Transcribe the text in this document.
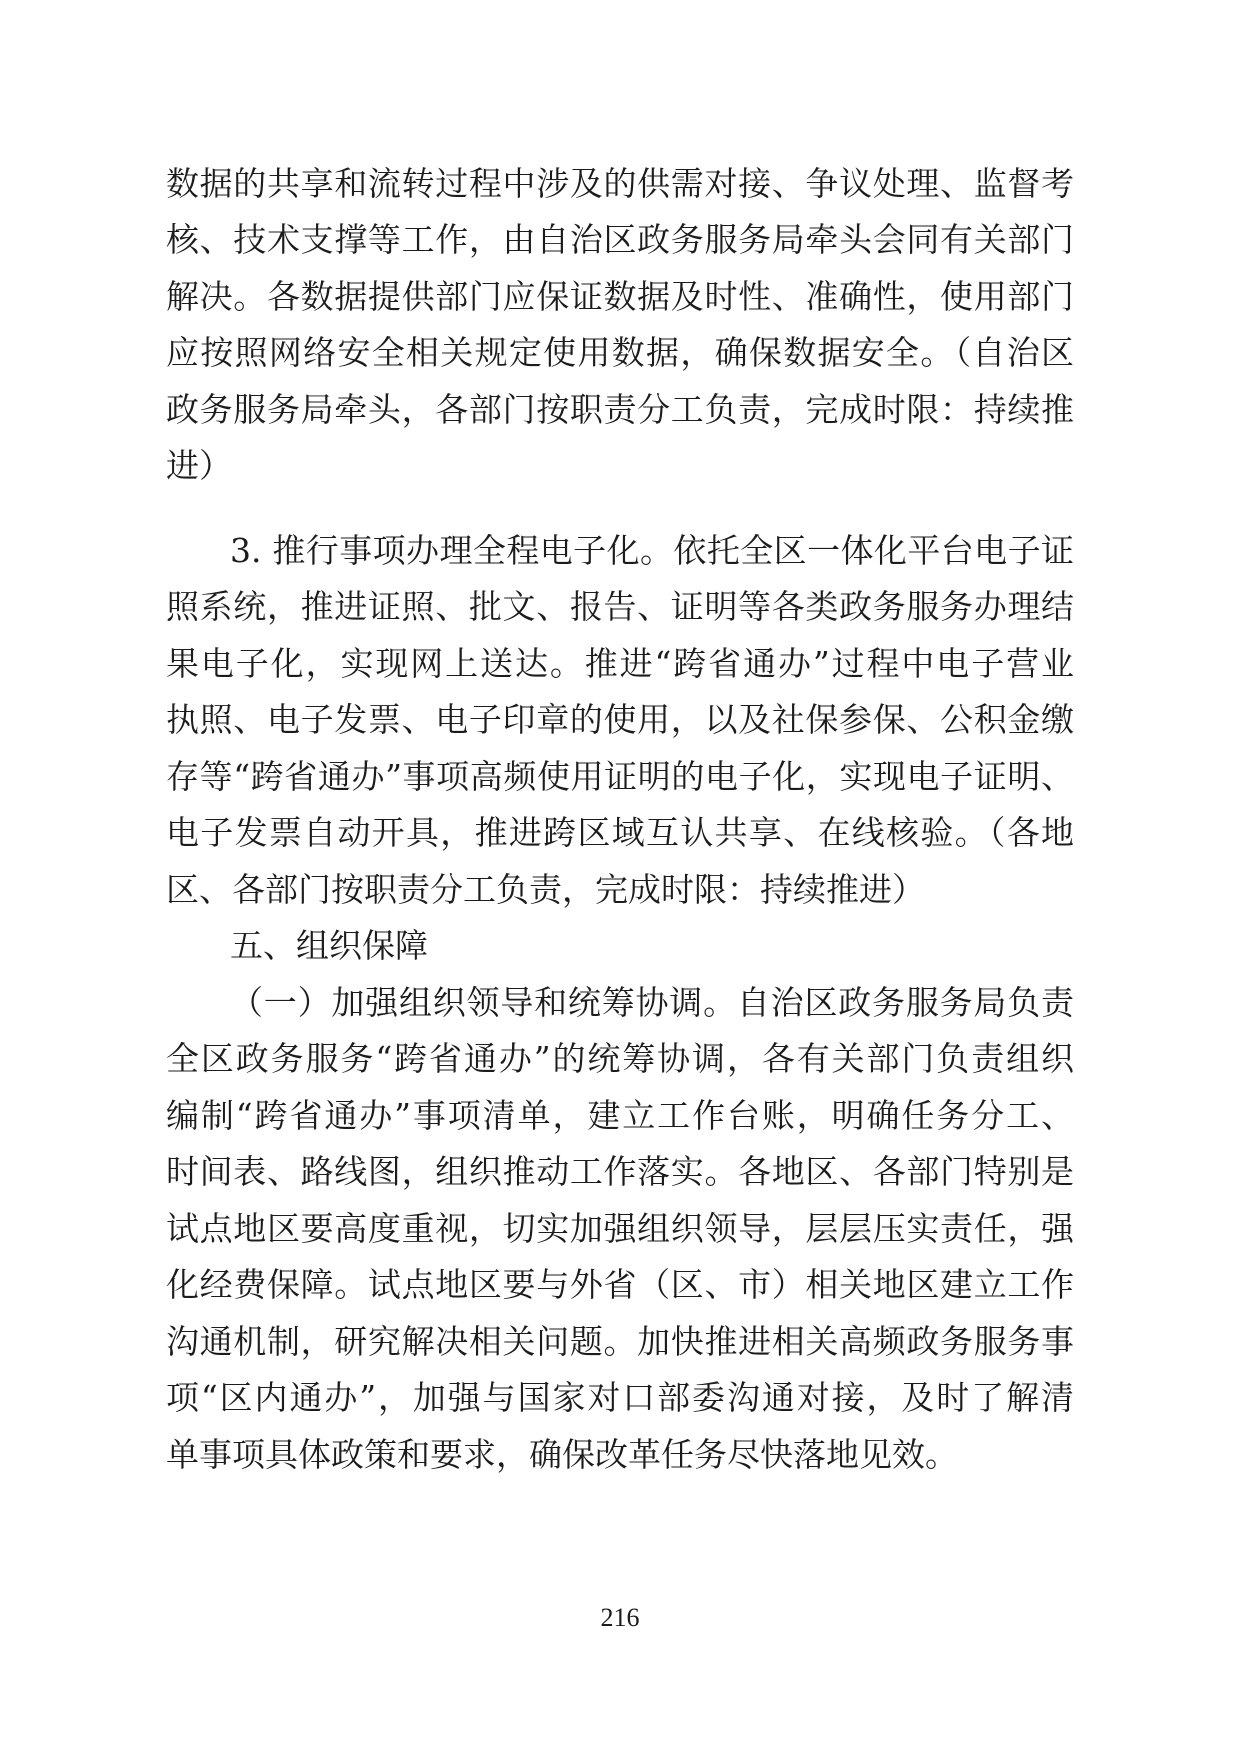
数据的共享和流转过程中涉及的供需对接、争议处理、监督考
核、技术支撑等工作，由自治区政务服务局牵头会同有关部门
解决。各数据提供部门应保证数据及时性、准确性，使用部门
应按照网络安全相关规定使用数据，确保数据安全。（自治区
政务服务局牵头，各部门按职责分工负责，完成时限：持续推
进）
3. 推行事项办理全程电子化。依托全区一体化平台电子证
照系统，推进证照、批文、报告、证明等各类政务服务办理结
果电子化，实现网上送达。推进“跨省通办”过程中电子营业
执照、电子发票、电子印章的使用，以及社保参保、公积金缴
存等“跨省通办”事项高频使用证明的电子化，实现电子证明、
电子发票自动开具，推进跨区域互认共享、在线核验。（各地
区、各部门按职责分工负责，完成时限：持续推进）
五、组织保障
（一）加强组织领导和统筹协调。自治区政务服务局负责
全区政务服务“跨省通办”的统筹协调，各有关部门负责组织
编制“跨省通办”事项清单，建立工作台账，明确任务分工、
时间表、路线图，组织推动工作落实。各地区、各部门特别是
试点地区要高度重视，切实加强组织领导，层层压实责任，强
化经费保障。试点地区要与外省（区、市）相关地区建立工作
沟通机制，研究解决相关问题。加快推进相关高频政务服务事
项“区内通办”，加强与国家对口部委沟通对接，及时了解清
单事项具体政策和要求，确保改革任务尽快落地见效。
216
